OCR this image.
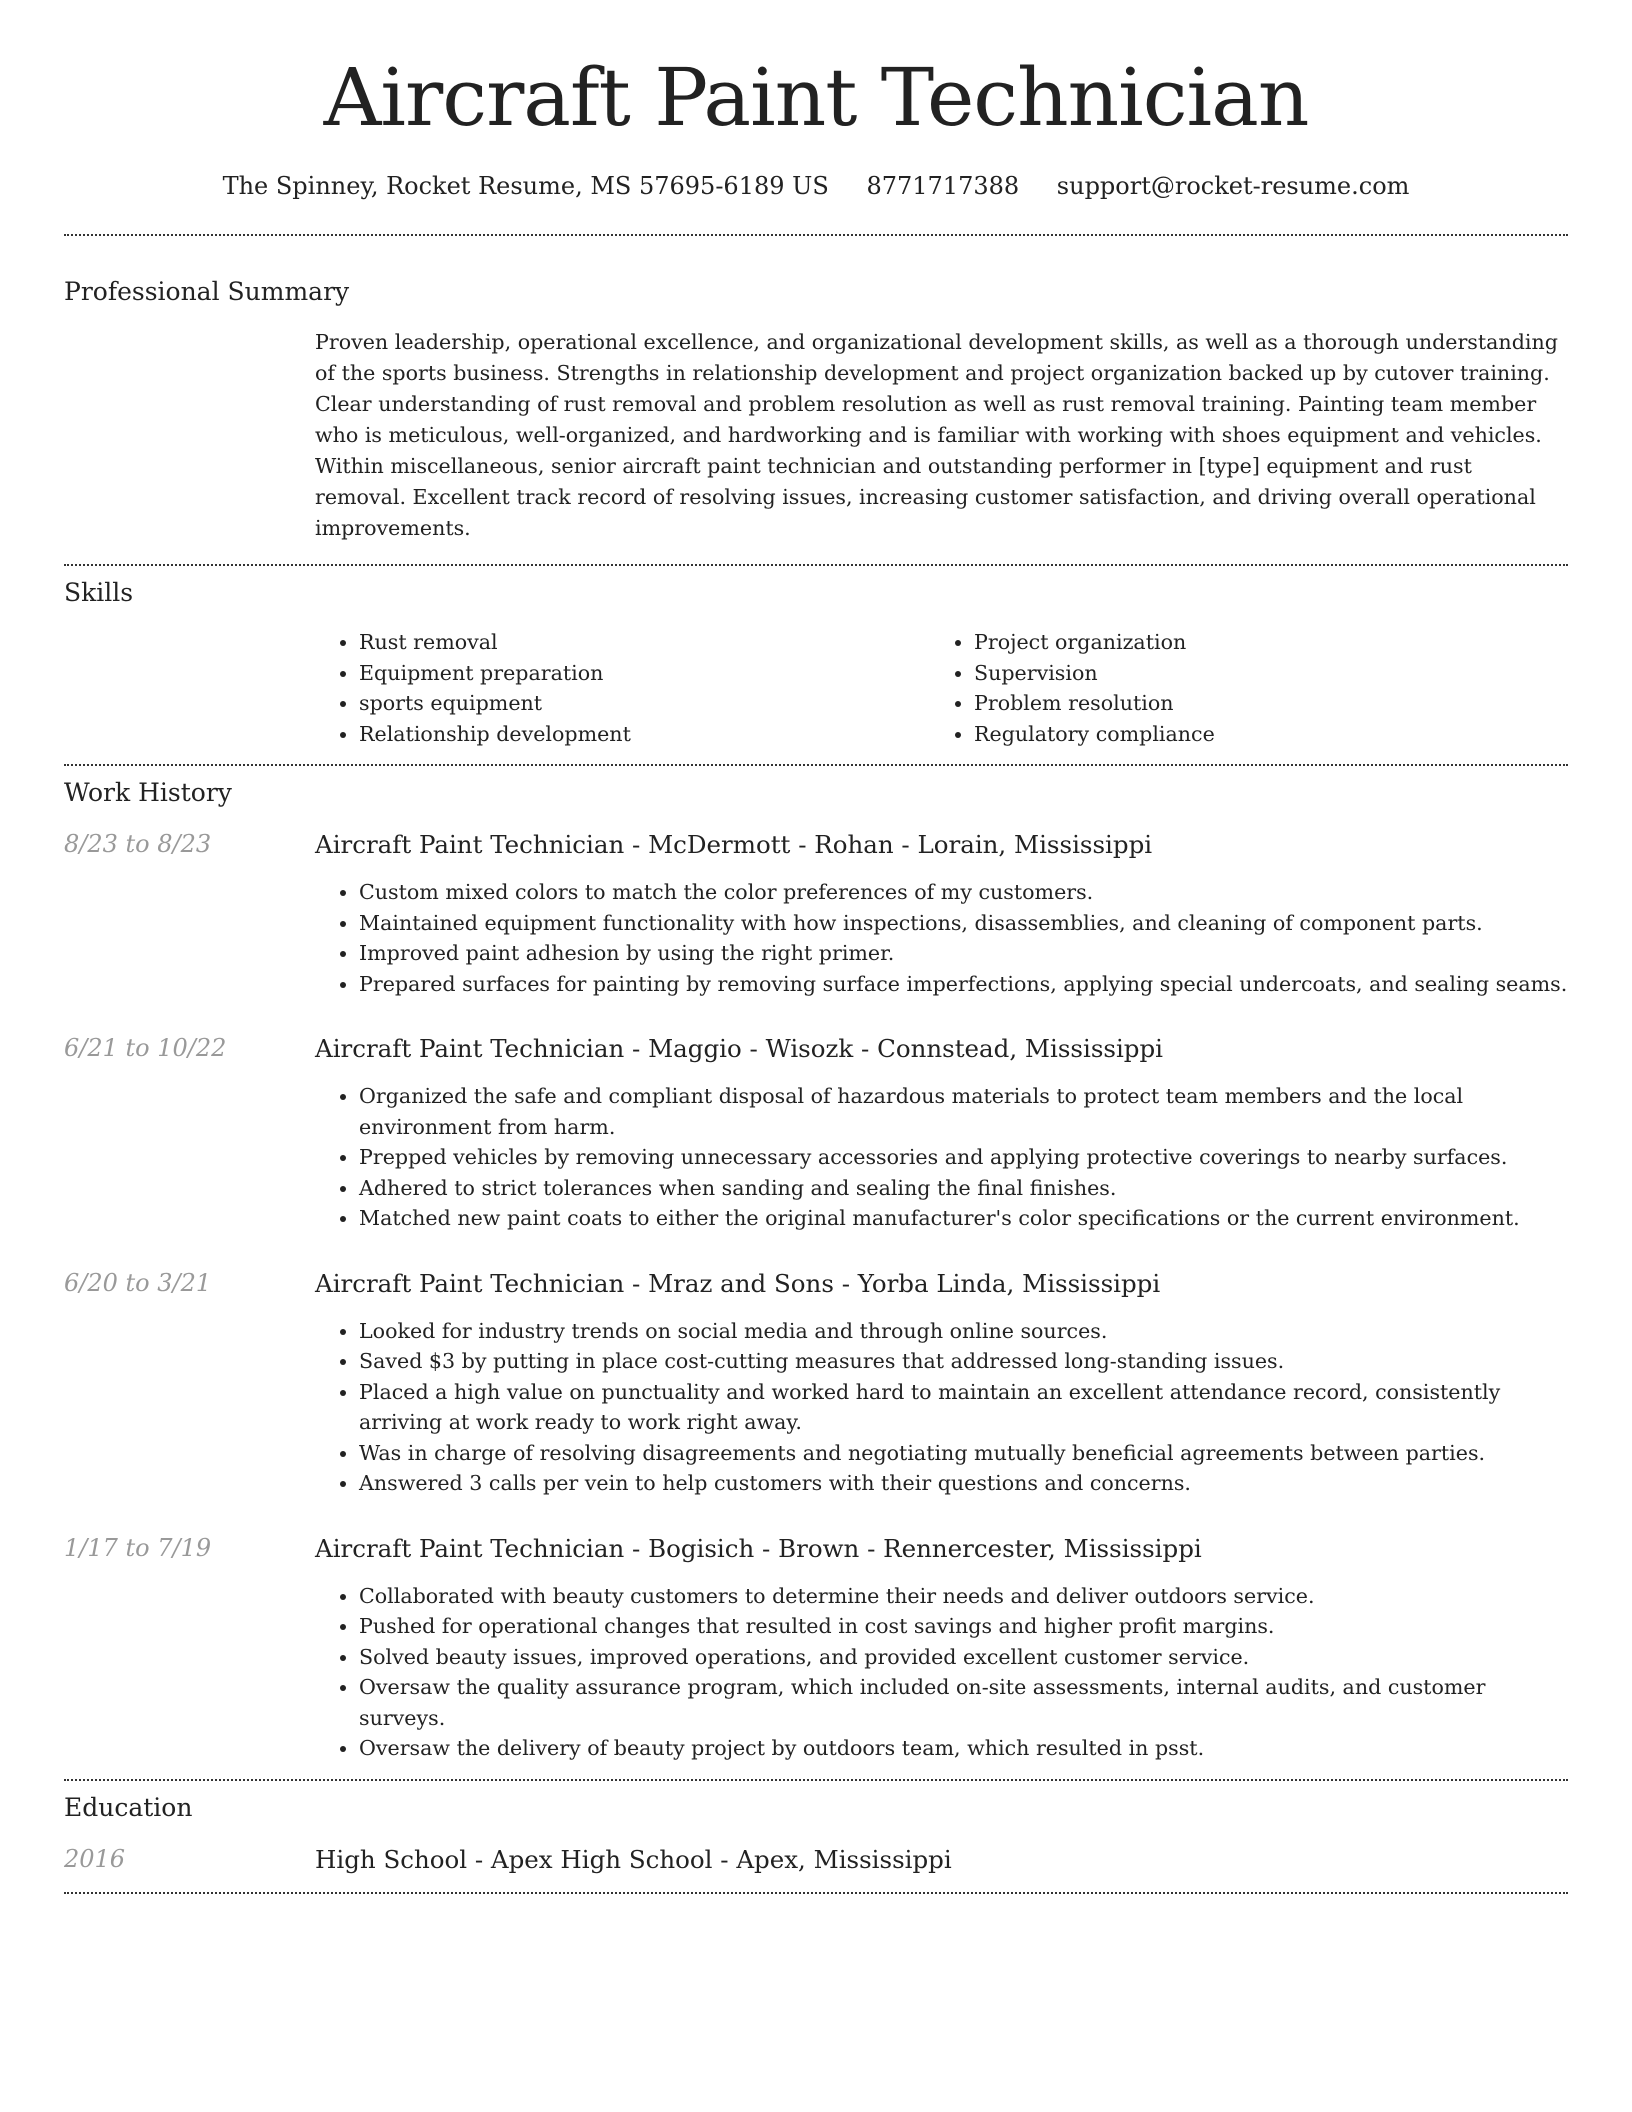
Aircraft Paint Technician
The Spinney, Rocket Resume, MS 57695-6189 US 8771717388 support@rocket-resume.com
Professional Summary
Proven leadership, operational excellence, and organizational development skills, as well as a thorough understanding of the sports business. Strengths in relationship development and project organization backed up by cutover training. Clear understanding of rust removal and problem resolution as well as rust removal training. Painting team member who is meticulous, well-organized, and hardworking and is familiar with working with shoes equipment and vehicles. Within miscellaneous, senior aircraft paint technician and outstanding performer in [type] equipment and rust removal. Excellent track record of resolving issues, increasing customer satisfaction, and driving overall operational improvements.
Skills
• Rust removal
• Equipment preparation
• sports equipment
• Relationship development
• Project organization
• Supervision
• Problem resolution
• Regulatory compliance
Work History
8/23 to 8/23	Aircraft Paint Technician - McDermott - Rohan - Lorain, Mississippi
• Custom mixed colors to match the color preferences of my customers.
• Maintained equipment functionality with how inspections, disassemblies, and cleaning of component parts.
• Improved paint adhesion by using the right primer.
• Prepared surfaces for painting by removing surface imperfections, applying special undercoats, and sealing seams.
6/21 to 10/22	Aircraft Paint Technician - Maggio - Wisozk - Connstead, Mississippi
• Organized the safe and compliant disposal of hazardous materials to protect team members and the local environment from harm.
• Prepped vehicles by removing unnecessary accessories and applying protective coverings to nearby surfaces.
• Adhered to strict tolerances when sanding and sealing the final finishes.
• Matched new paint coats to either the original manufacturer's color specifications or the current environment.
6/20 to 3/21	Aircraft Paint Technician - Mraz and Sons - Yorba Linda, Mississippi
• Looked for industry trends on social media and through online sources.
• Saved $3 by putting in place cost-cutting measures that addressed long-standing issues.
• Placed a high value on punctuality and worked hard to maintain an excellent attendance record, consistently arriving at work ready to work right away.
• Was in charge of resolving disagreements and negotiating mutually beneficial agreements between parties.
• Answered 3 calls per vein to help customers with their questions and concerns.
1/17 to 7/19	Aircraft Paint Technician - Bogisich - Brown - Rennercester, Mississippi
• Collaborated with beauty customers to determine their needs and deliver outdoors service.
• Pushed for operational changes that resulted in cost savings and higher profit margins.
• Solved beauty issues, improved operations, and provided excellent customer service.
• Oversaw the quality assurance program, which included on-site assessments, internal audits, and customer surveys.
• Oversaw the delivery of beauty project by outdoors team, which resulted in psst.
Education
2016	High School - Apex High School - Apex, Mississippi
